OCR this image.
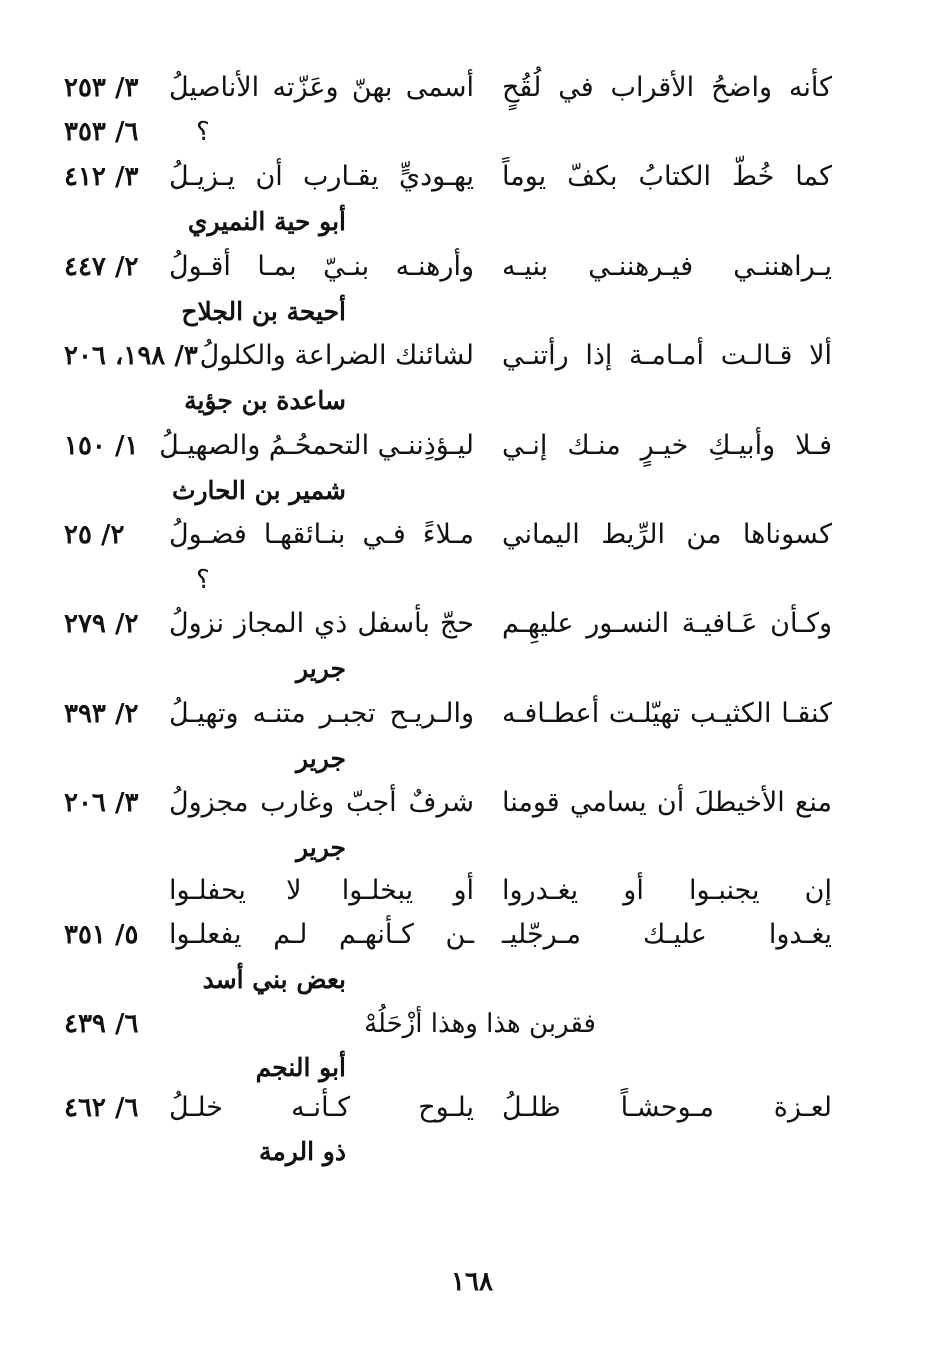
كأنه واضحُ الأقراب في لُقُحٍ
أسمى بهنّ وعَزّته الأناصيلُ
٣/ ٢٥٣
؟
٦/ ٣٥٣
كما خُطّ الكتابُ بكفّ يوماً
يهـوديٍّ يقـارب أن يـزيـلُ
٣/ ٤١٢
أبو حية النميري
يـراهننـي فيـرهننـي بنيـه
وأرهنـه بنـيّ بمـا أقـولُ
٢/ ٤٤٧
أحيحة بن الجلاح
ألا قـالـت أمـامـة إذا رأتنـي
لشائنك الضراعة والكلولُ
٣/ ١٩٨، ٢٠٦
ساعدة بن جؤية
فـلا وأبيـكِ خيـرٍ منـك إنـي
ليـؤذِننـي التحمحُـمُ والصهيـلُ
١/ ١٥٠
شمير بن الحارث
كسوناها من الرِّيط اليماني
مـلاءً فـي بنـائقهـا فضـولُ
٢/ ٢٥
؟
وكـأن عَـافيـة النسـور عليهِـم
حجّ بأسفل ذي المجاز نزولُ
٢/ ٢٧٩
جرير
كنقـا الكثيـب تهيّلـت أعطـافـه
والـريـح تجبـر متنـه وتهيـلُ
٢/ ٣٩٣
جرير
منع الأخيطلَ أن يسامي قومنا
شرفٌ أجبّ وغارب مجزولُ
٣/ ٢٠٦
جرير
إن يجنبـوا أو يغـدروا
أو يبخلـوا لا يحفلـوا
يغـدوا عليـك مـرجّليـ
ـن كـأنهـم لـم يفعلـوا
٥/ ٣٥١
بعض بني أسد
فقربن هذا وهذا أزْحَلُهْ
٦/ ٤٣٩
أبو النجم
لعـزة مـوحشـاً ظلـلُ
يلـوح كـأنـه خلـلُ
٦/ ٤٦٢
ذو الرمة
١٦٨
